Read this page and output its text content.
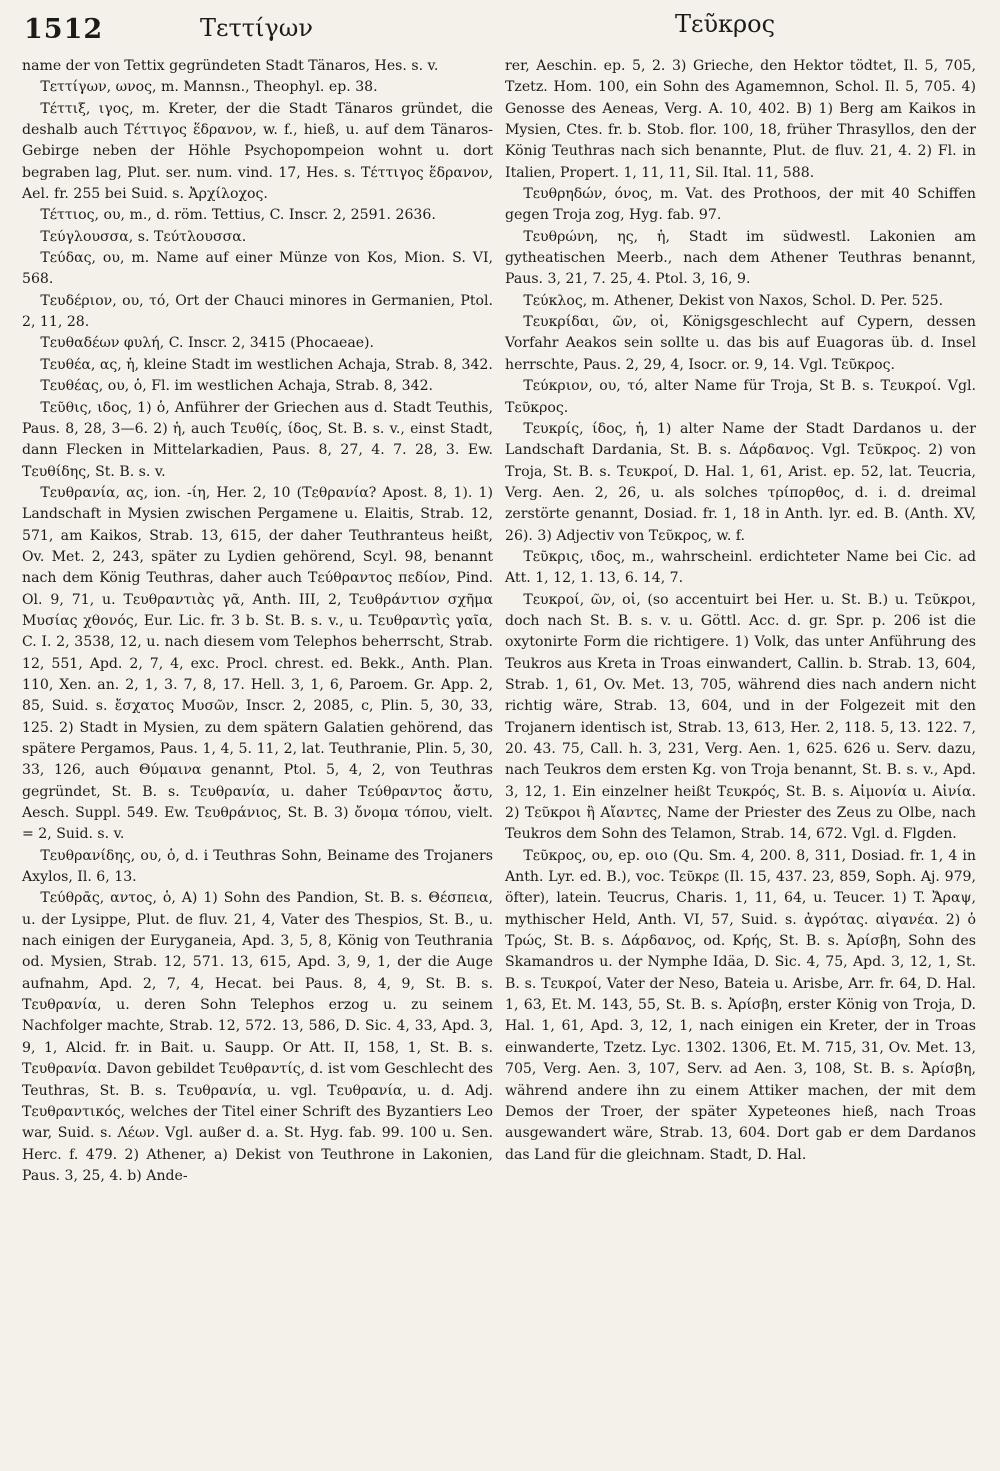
1512	Τεττίγων	Τεῦκρος

name der von Tettix gegründeten Stadt Tänaros, Hes. s. v.

Τεττίγων, ωνος, m. Mannsn., Theophyl. ep. 38.

Τέττιξ, ιγος, m. Kreter, der die Stadt Tänaros gründet, die deshalb auch Τέττιγος ἕδρανον, w. f., hieß, u. auf dem Tänaros-Gebirge neben der Höhle Psychopompeion wohnt u. dort begraben lag, Plut. ser. num. vind. 17, Hes. s. Τέττιγος ἕδρανον, Ael. fr. 255 bei Suid. s. Ἀρχίλοχος.

Τέττιος, ου, m., d. röm. Tettius, C. Inscr. 2, 2591. 2636.

Τεύγλουσσα, s. Τεύτλουσσα.

Τεύδας, ου, m. Name auf einer Münze von Kos, Mion. S. VI, 568.

Τευδέριον, ου, τό, Ort der Chauci minores in Germanien, Ptol. 2, 11, 28.

Τευθαδέων φυλή, C. Inscr. 2, 3415 (Phocaeae).

Τευθέα, ας, ἡ, kleine Stadt im westlichen Achaja, Strab. 8, 342.

Τευθέας, ου, ὁ, Fl. im westlichen Achaja, Strab. 8, 342.

Τεῦθις, ιδος, 1) ὁ, Anführer der Griechen aus d. Stadt Teuthis, Paus. 8, 28, 3—6. 2) ἡ, auch Τευθίς, ίδος, St. B. s. v., einst Stadt, dann Flecken in Mittelarkadien, Paus. 8, 27, 4. 7. 28, 3. Ew. Τευθίδης, St. B. s. v.

Τευθρανία, ας, ion. -ίη, Her. 2, 10 (Τεθρανία? Apost. 8, 1). 1) Landschaft in Mysien zwischen Pergamene u. Elaitis, Strab. 12, 571, am Kaikos, Strab. 13, 615, der daher Teuthranteus heißt, Ov. Met. 2, 243, später zu Lydien gehörend, Scyl. 98, benannt nach dem König Teuthras, daher auch Τεύθραντος πεδίον, Pind. Ol. 9, 71, u. Τευθραντιὰς γᾶ, Anth. III, 2, Τευθράντιον σχῆμα Μυσίας χθονός, Eur. Lic. fr. 3 b. St. B. s. v., u. Τευθραντὶς γαῖα, C. I. 2, 3538, 12, u. nach diesem vom Telephos beherrscht, Strab. 12, 551, Apd. 2, 7, 4, exc. Procl. chrest. ed. Bekk., Anth. Plan. 110, Xen. an. 2, 1, 3. 7, 8, 17. Hell. 3, 1, 6, Paroem. Gr. App. 2, 85, Suid. s. ἔσχατος Μυσῶν, Inscr. 2, 2085, c, Plin. 5, 30, 33, 125. 2) Stadt in Mysien, zu dem spätern Galatien gehörend, das spätere Pergamos, Paus. 1, 4, 5. 11, 2, lat. Teuthranie, Plin. 5, 30, 33, 126, auch Θύμαινα genannt, Ptol. 5, 4, 2, von Teuthras gegründet, St. B. s. Τευθρανία, u. daher Τεύθραντος ἄστυ, Aesch. Suppl. 549. Ew. Τευθράνιος, St. B. 3) ὄνομα τόπου, vielt. = 2, Suid. s. v.

Τευθρανίδης, ου, ὁ, d. i Teuthras Sohn, Beiname des Trojaners Axylos, Il. 6, 13.

Τεύθρᾱς, αντος, ὁ, A) 1) Sohn des Pandion, St. B. s. Θέσπεια, u. der Lysippe, Plut. de fluv. 21, 4, Vater des Thespios, St. B., u. nach einigen der Euryganeia, Apd. 3, 5, 8, König von Teuthrania od. Mysien, Strab. 12, 571. 13, 615, Apd. 3, 9, 1, der die Auge aufnahm, Apd. 2, 7, 4, Hecat. bei Paus. 8, 4, 9, St. B. s. Τευθρανία, u. deren Sohn Telephos erzog u. zu seinem Nachfolger machte, Strab. 12, 572. 13, 586, D. Sic. 4, 33, Apd. 3, 9, 1, Alcid. fr. in Bait. u. Saupp. Or Att. II, 158, 1, St. B. s. Τευθρανία. Davon gebildet Τευθραντίς, d. ist vom Geschlecht des Teuthras, St. B. s. Τευθρανία, u. vgl. Τευθρανία, u. d. Adj. Τευθραντικός, welches der Titel einer Schrift des Byzantiers Leo war, Suid. s. Λέων. Vgl. außer d. a. St. Hyg. fab. 99. 100 u. Sen. Herc. f. 479. 2) Athener, a) Dekist von Teuthrone in Lakonien, Paus. 3, 25, 4. b) Ande-

rer, Aeschin. ep. 5, 2. 3) Grieche, den Hektor tödtet, Il. 5, 705, Tzetz. Hom. 100, ein Sohn des Agamemnon, Schol. Il. 5, 705. 4) Genosse des Aeneas, Verg. A. 10, 402. B) 1) Berg am Kaikos in Mysien, Ctes. fr. b. Stob. flor. 100, 18, früher Thrasyllos, den der König Teuthras nach sich benannte, Plut. de fluv. 21, 4. 2) Fl. in Italien, Propert. 1, 11, 11, Sil. Ital. 11, 588.

Τευθρηδών, όνος, m. Vat. des Prothoos, der mit 40 Schiffen gegen Troja zog, Hyg. fab. 97.

Τευθρώνη, ης, ἡ, Stadt im südwestl. Lakonien am gytheatischen Meerb., nach dem Athener Teuthras benannt, Paus. 3, 21, 7. 25, 4. Ptol. 3, 16, 9.

Τεύκλος, m. Athener, Dekist von Naxos, Schol. D. Per. 525.

Τευκρίδαι, ῶν, οἱ, Königsgeschlecht auf Cypern, dessen Vorfahr Aeakos sein sollte u. das bis auf Euagoras üb. d. Insel herrschte, Paus. 2, 29, 4, Isocr. or. 9, 14. Vgl. Τεῦκρος.

Τεύκριον, ου, τό, alter Name für Troja, St B. s. Τευκροί. Vgl. Τεῦκρος.

Τευκρίς, ίδος, ἡ, 1) alter Name der Stadt Dardanos u. der Landschaft Dardania, St. B. s. Δάρδανος. Vgl. Τεῦκρος. 2) von Troja, St. B. s. Τευκροί, D. Hal. 1, 61, Arist. ep. 52, lat. Teucria, Verg. Aen. 2, 26, u. als solches τρίπορθος, d. i. d. dreimal zerstörte genannt, Dosiad. fr. 1, 18 in Anth. lyr. ed. B. (Anth. XV, 26). 3) Adjectiv von Τεῦκρος, w. f.

Τεῦκρις, ιδος, m., wahrscheinl. erdichteter Name bei Cic. ad Att. 1, 12, 1. 13, 6. 14, 7.

Τευκροί, ῶν, οἱ, (so accentuirt bei Her. u. St. B.) u. Τεῦκροι, doch nach St. B. s. v. u. Göttl. Acc. d. gr. Spr. p. 206 ist die oxytonirte Form die richtigere. 1) Volk, das unter Anführung des Teukros aus Kreta in Troas einwandert, Callin. b. Strab. 13, 604, Strab. 1, 61, Ov. Met. 13, 705, während dies nach andern nicht richtig wäre, Strab. 13, 604, und in der Folgezeit mit den Trojanern identisch ist, Strab. 13, 613, Her. 2, 118. 5, 13. 122. 7, 20. 43. 75, Call. h. 3, 231, Verg. Aen. 1, 625. 626 u. Serv. dazu, nach Teukros dem ersten Kg. von Troja benannt, St. B. s. v., Apd. 3, 12, 1. Ein einzelner heißt Τευκρός, St. B. s. Αἱμονία u. Αἰνία. 2) Τεῦκροι ἢ Αἴαντες, Name der Priester des Zeus zu Olbe, nach Teukros dem Sohn des Telamon, Strab. 14, 672. Vgl. d. Flgden.

Τεῦκρος, ου, ep. οιο (Qu. Sm. 4, 200. 8, 311, Dosiad. fr. 1, 4 in Anth. Lyr. ed. B.), voc. Τεῦκρε (Il. 15, 437. 23, 859, Soph. Aj. 979, öfter), latein. Teucrus, Charis. 1, 11, 64, u. Teucer. 1) T. Ἄραψ, mythischer Held, Anth. VI, 57, Suid. s. ἀγρότας. αἰγανέα. 2) ὁ Τρώς, St. B. s. Δάρδανος, od. Κρής, St. B. s. Ἀρίσβη, Sohn des Skamandros u. der Nymphe Idäa, D. Sic. 4, 75, Apd. 3, 12, 1, St. B. s. Τευκροί, Vater der Neso, Bateia u. Arisbe, Arr. fr. 64, D. Hal. 1, 63, Et. M. 143, 55, St. B. s. Ἀρίσβη, erster König von Troja, D. Hal. 1, 61, Apd. 3, 12, 1, nach einigen ein Kreter, der in Troas einwanderte, Tzetz. Lyc. 1302. 1306, Et. M. 715, 31, Ov. Met. 13, 705, Verg. Aen. 3, 107, Serv. ad Aen. 3, 108, St. B. s. Ἀρίσβη, während andere ihn zu einem Attiker machen, der mit dem Demos der Troer, der später Xypeteones hieß, nach Troas ausgewandert wäre, Strab. 13, 604. Dort gab er dem Dardanos das Land für die gleichnam. Stadt, D. Hal.
